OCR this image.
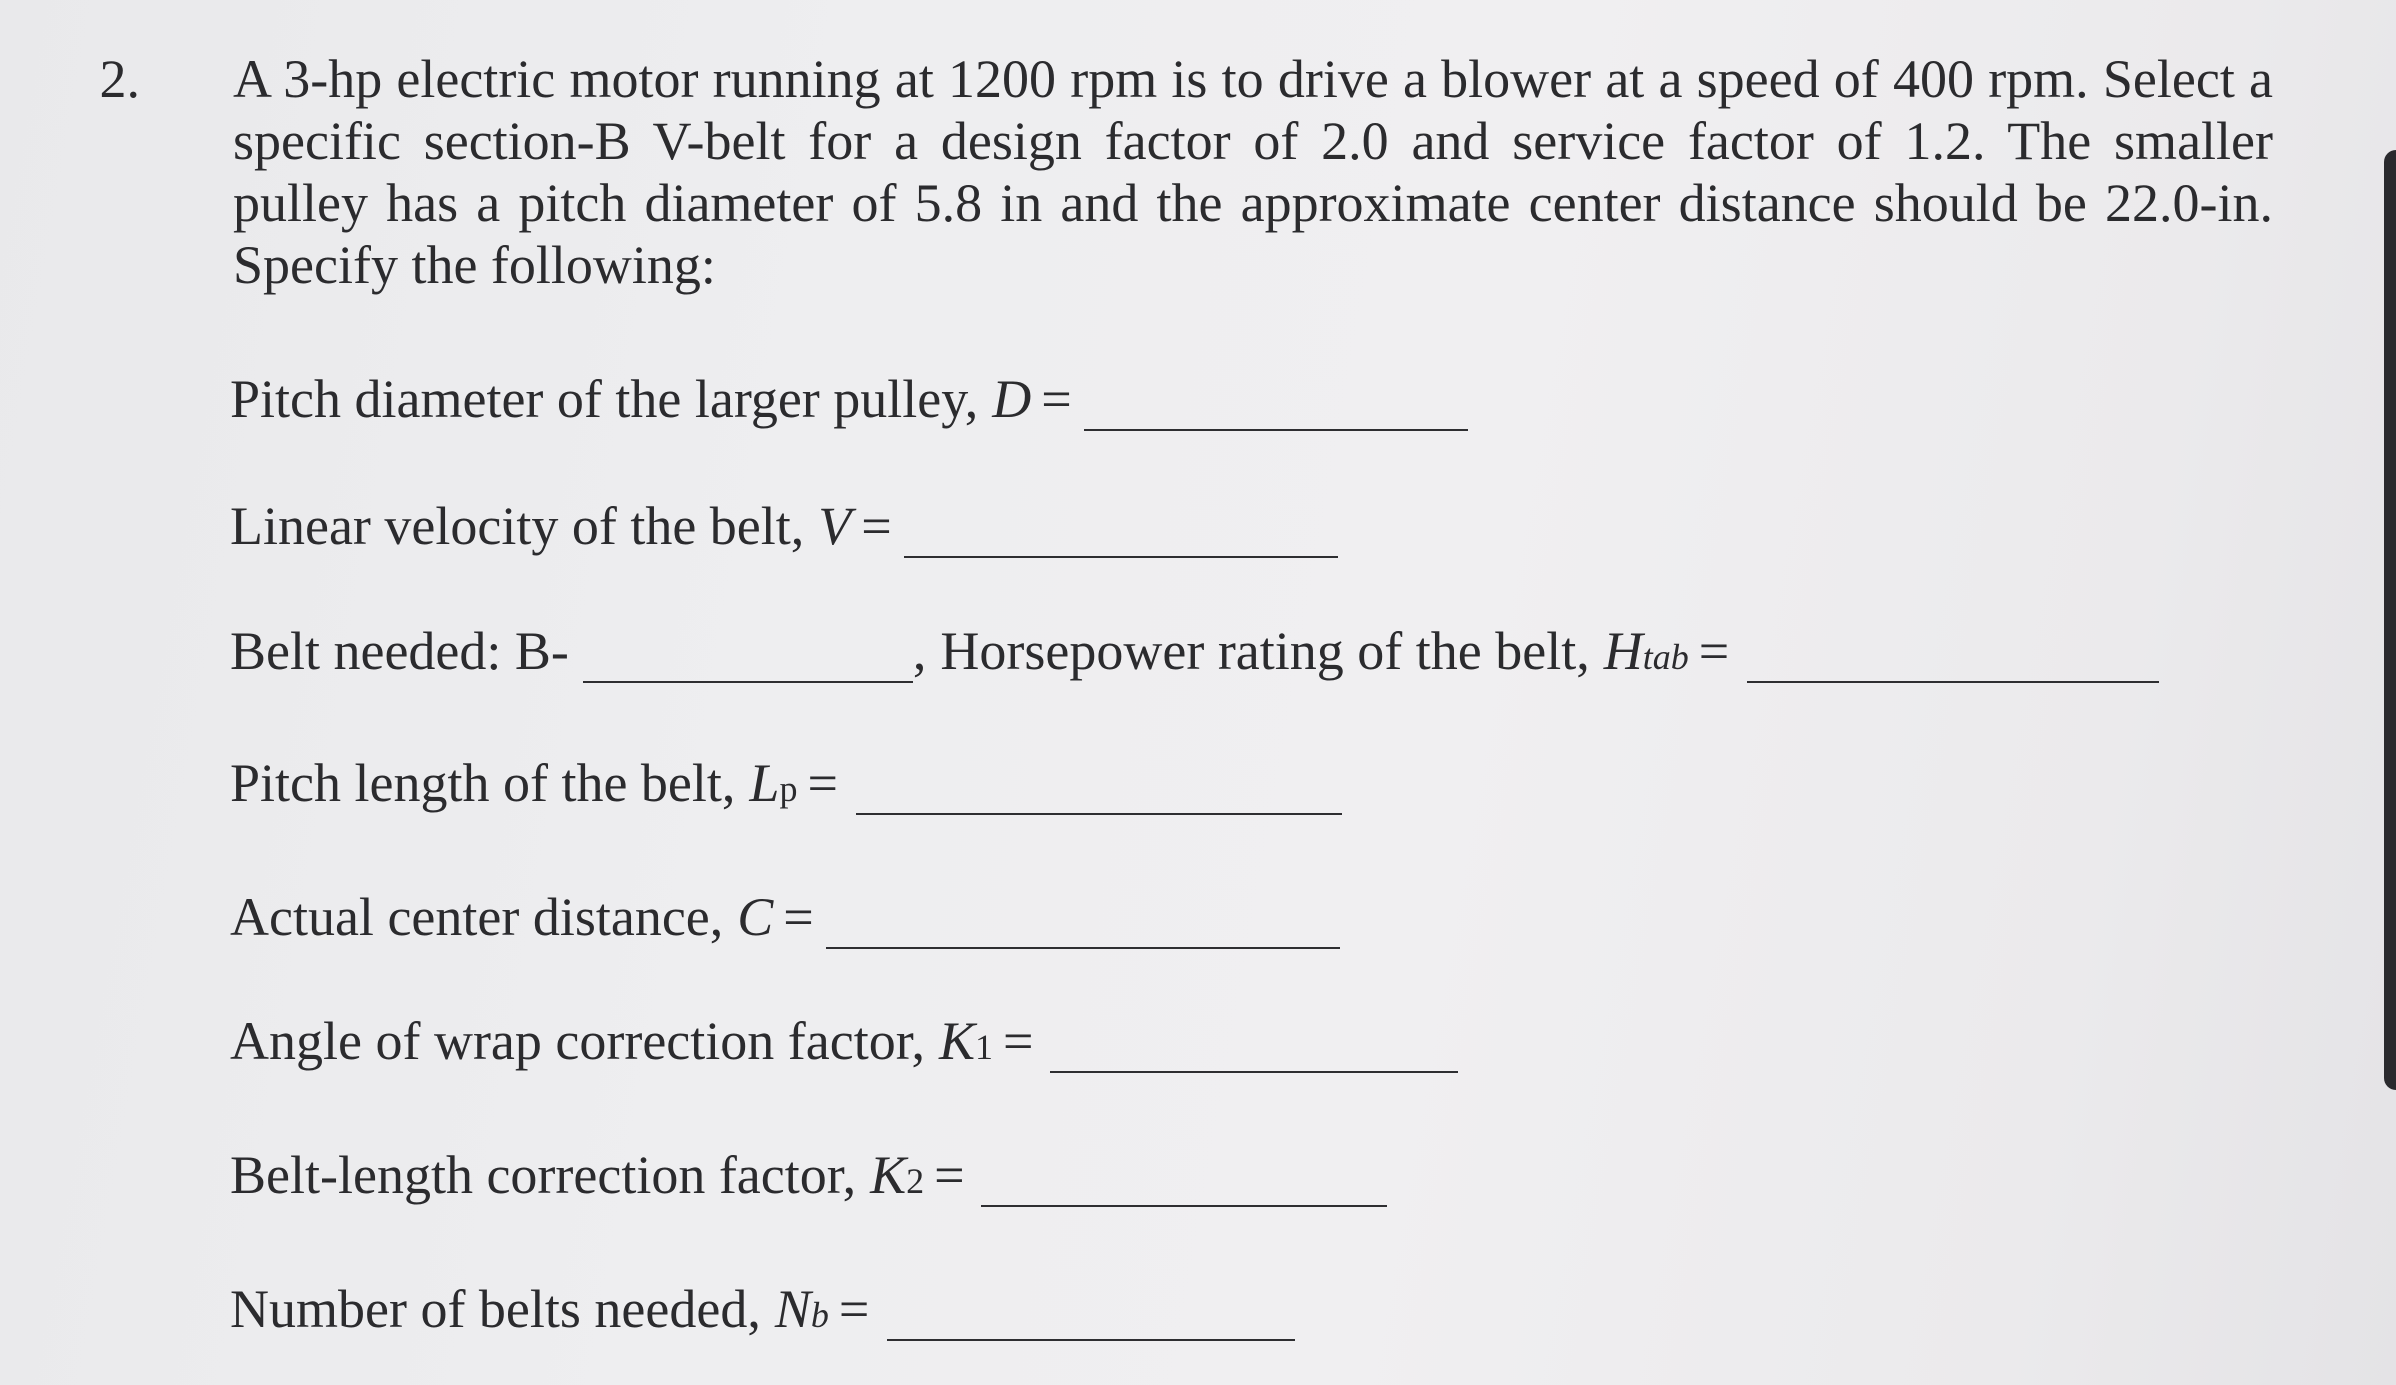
2. A 3-hp electric motor running at 1200 rpm is to drive a blower at a speed of 400 rpm. Select a specific section-B V-belt for a design factor of 2.0 and service factor of 1.2. The smaller pulley has a pitch diameter of 5.8 in and the approximate center distance should be 22.0-in. Specify the following:
Pitch diameter of the larger pulley, D =
Linear velocity of the belt, V =
Belt needed: B-	, Horsepower rating of the belt, H tab =
Pitch length of the belt, L p =
Actual center distance, C =
Angle of wrap correction factor, K 1 =
Belt-length correction factor, K 2 =
Number of belts needed, N b =
